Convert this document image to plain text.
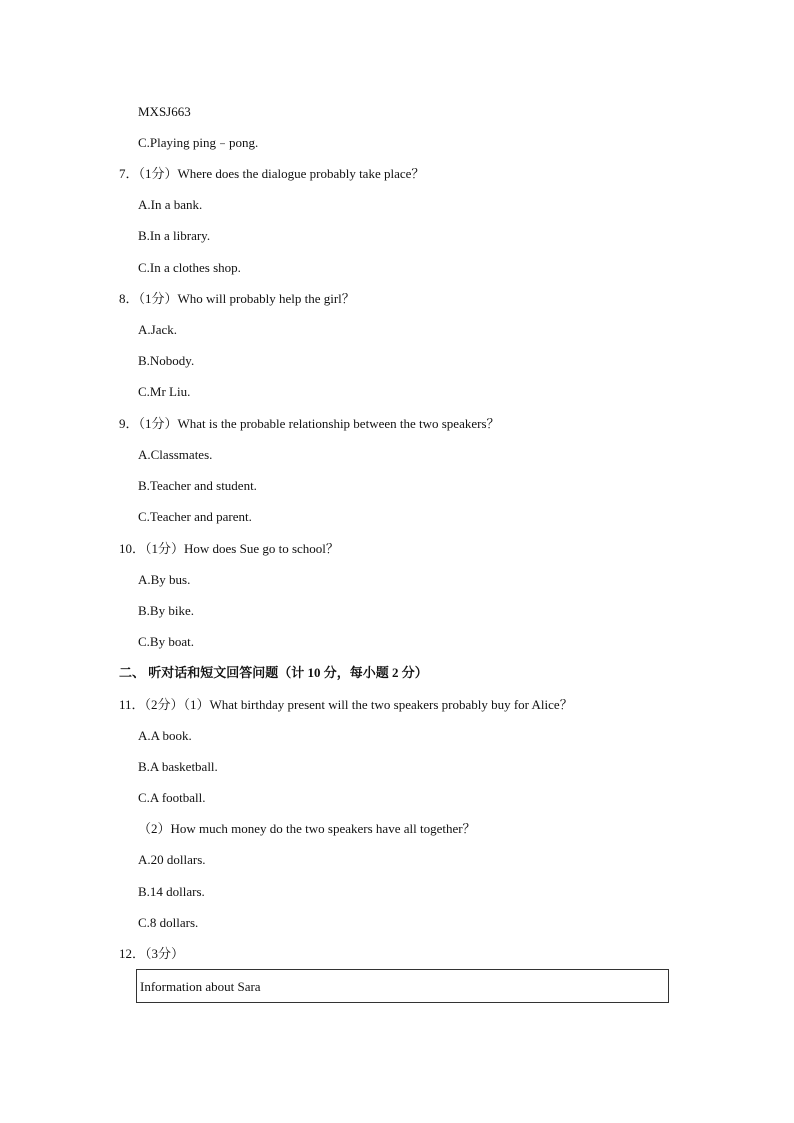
MXSJ663
C.Playing ping﹣pong.
7．（1分）Where does the dialogue probably take place？
A.In a bank.
B.In a library.
C.In a clothes shop.
8．（1分）Who will probably help the girl？
A.Jack.
B.Nobody.
C.Mr Liu.
9．（1分）What is the probable relationship between the two speakers？
A.Classmates.
B.Teacher and student.
C.Teacher and parent.
10．（1分）How does Sue go to school？
A.By bus.
B.By bike.
C.By boat.
二、 听对话和短文回答问题（计 10 分，每小题 2 分）
11．（2分）（1）What birthday present will the two speakers probably buy for Alice？
A.A book.
B.A basketball.
C.A football.
（2）How much money do the two speakers have all together？
A.20 dollars.
B.14 dollars.
C.8 dollars.
12．（3分）
Information about Sara
